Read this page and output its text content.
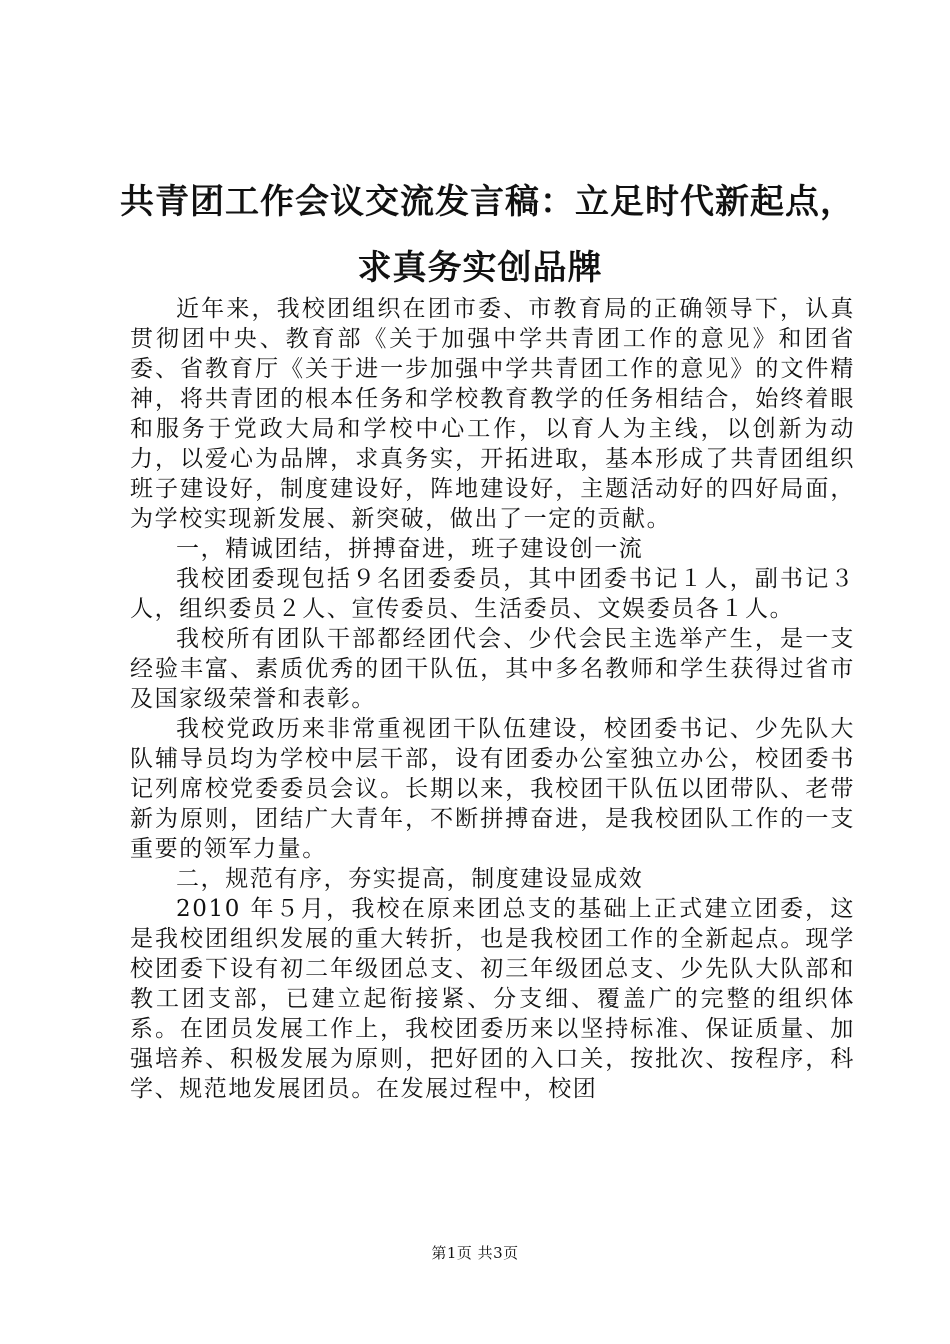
共青团工作会议交流发言稿：立足时代新起点，
求真务实创品牌

近年来，我校团组织在团市委、市教育局的正确领导下，认真贯彻团中央、教育部《关于加强中学共青团工作的意见》和团省委、省教育厅《关于进一步加强中学共青团工作的意见》的文件精神，将共青团的根本任务和学校教育教学的任务相结合，始终着眼和服务于党政大局和学校中心工作，以育人为主线，以创新为动力，以爱心为品牌，求真务实，开拓进取，基本形成了共青团组织班子建设好，制度建设好，阵地建设好，主题活动好的四好局面，为学校实现新发展、新突破，做出了一定的贡献。

一，精诚团结，拼搏奋进，班子建设创一流

我校团委现包括９名团委委员，其中团委书记１人，副书记３人，组织委员２人、宣传委员、生活委员、文娱委员各１人。

我校所有团队干部都经团代会、少代会民主选举产生，是一支经验丰富、素质优秀的团干队伍，其中多名教师和学生获得过省市及国家级荣誉和表彰。

我校党政历来非常重视团干队伍建设，校团委书记、少先队大队辅导员均为学校中层干部，设有团委办公室独立办公，校团委书记列席校党委委员会议。长期以来，我校团干队伍以团带队、老带新为原则，团结广大青年，不断拼搏奋进，是我校团队工作的一支重要的领军力量。

二，规范有序，夯实提高，制度建设显成效

2010 年５月，我校在原来团总支的基础上正式建立团委，这是我校团组织发展的重大转折，也是我校团工作的全新起点。现学校团委下设有初二年级团总支、初三年级团总支、少先队大队部和教工团支部，已建立起衔接紧、分支细、覆盖广的完整的组织体系。在团员发展工作上，我校团委历来以坚持标准、保证质量、加强培养、积极发展为原则，把好团的入口关，按批次、按程序，科学、规范地发展团员。在发展过程中，校团

第1页 共3页
